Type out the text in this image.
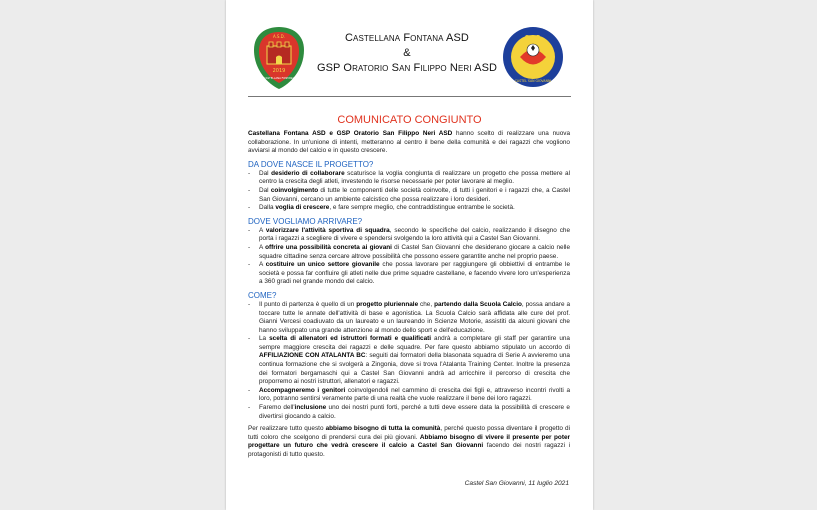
A.S.D.
2019
CASTELLANA FONTANA
Castellana Fontana ASD
&
GSP Oratorio San Filippo Neri ASD
G.S.P.
CASTEL SAN GIOVANNI
COMUNICATO CONGIUNTO

Castellana Fontana ASD e GSP Oratorio San Filippo Neri ASD hanno scelto di realizzare una nuova collaborazione. In un'unione di intenti, metteranno al centro il bene della comunità e dei ragazzi che vogliono avviarsi al mondo del calcio e in questo crescere.

DA DOVE NASCE IL PROGETTO?

- Dal desiderio di collaborare scaturisce la voglia congiunta di realizzare un progetto che possa mettere al centro la crescita degli atleti, investendo le risorse necessarie per poter lavorare al meglio.
- Dal coinvolgimento di tutte le componenti delle società coinvolte, di tutti i genitori e i ragazzi che, a Castel San Giovanni, cercano un ambiente calcistico che possa realizzare i loro desideri.
- Dalla voglia di crescere, e fare sempre meglio, che contraddistingue entrambe le società.

DOVE VOGLIAMO ARRIVARE?

- A valorizzare l'attività sportiva di squadra, secondo le specifiche del calcio, realizzando il disegno che porta i ragazzi a scegliere di vivere e spendersi svolgendo la loro attività qui a Castel San Giovanni.
- A offrire una possibilità concreta ai giovani di Castel San Giovanni che desiderano giocare a calcio nelle squadre cittadine senza cercare altrove possibilità che possono essere garantite anche nel proprio paese.
- A costituire un unico settore giovanile che possa lavorare per raggiungere gli obbiettivi di entrambe le società e possa far confluire gli atleti nelle due prime squadre castellane, e facendo vivere loro un'esperienza a 360 gradi nel grande mondo del calcio.

COME?

- Il punto di partenza è quello di un progetto pluriennale che, partendo dalla Scuola Calcio, possa andare a toccare tutte le annate dell'attività di base e agonistica. La Scuola Calcio sarà affidata alle cure del prof. Gianni Vercesi coadiuvato da un laureato e un laureando in Scienze Motorie, assistiti da alcuni giovani che hanno sviluppato una grande attenzione al mondo dello sport e dell'educazione.
- La scelta di allenatori ed istruttori formati e qualificati andrà a completare gli staff per garantire una sempre maggiore crescita dei ragazzi e delle squadre. Per fare questo abbiamo stipulato un accordo di AFFILIAZIONE CON ATALANTA BC: seguiti dai formatori della blasonata squadra di Serie A avvieremo una continua formazione che si svolgerà a Zingonia, dove si trova l'Atalanta Training Center. Inoltre la presenza dei formatori bergamaschi qui a Castel San Giovanni andrà ad arricchire il percorso di crescita che proporremo ai nostri istruttori, allenatori e ragazzi.
- Accompagneremo i genitori coinvolgendoli nel cammino di crescita dei figli e, attraverso incontri rivolti a loro, potranno sentirsi veramente parte di una realtà che vuole realizzare il bene dei loro ragazzi.
- Faremo dell'inclusione uno dei nostri punti forti, perché a tutti deve essere data la possibilità di crescere e divertirsi giocando a calcio.

Per realizzare tutto questo abbiamo bisogno di tutta la comunità, perché questo possa diventare il progetto di tutti coloro che scelgono di prendersi cura dei più giovani. Abbiamo bisogno di vivere il presente per poter progettare un futuro che vedrà crescere il calcio a Castel San Giovanni facendo dei nostri ragazzi i protagonisti di tutto questo.

Castel San Giovanni, 11 luglio 2021
